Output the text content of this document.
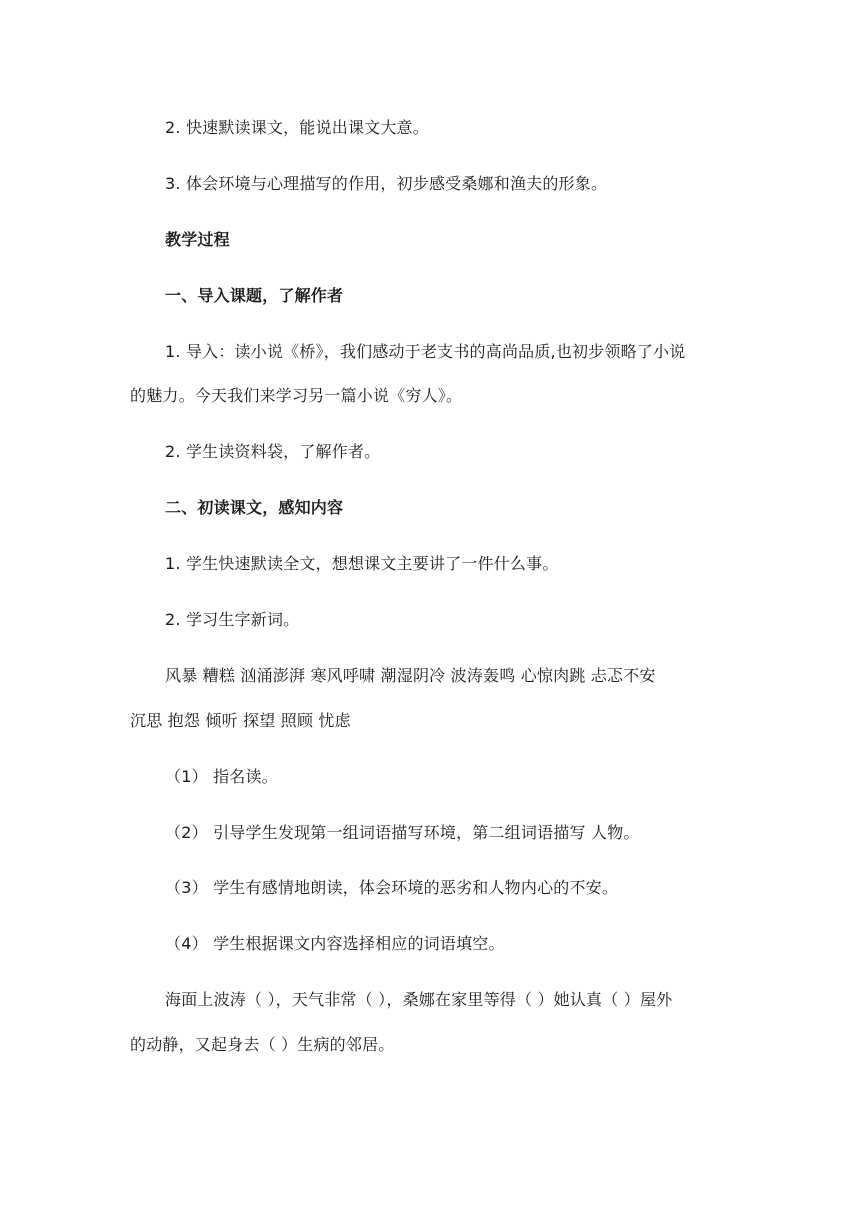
2. 快速默读课文，能说出课文大意。
3. 体会环境与心理描写的作用，初步感受桑娜和渔夫的形象。
教学过程
一、导入课题，了解作者
1. 导入：读小说《桥》，我们感动于老支书的高尚品质,也初步领略了小说
的魅力。今天我们来学习另一篇小说《穷人》。
2. 学生读资料袋，了解作者。
二、初读课文，感知内容
1. 学生快速默读全文，想想课文主要讲了一件什么事。
2. 学习生字新词。
风暴 糟糕 汹涌澎湃 寒风呼啸 潮湿阴冷 波涛轰鸣 心惊肉跳 忐忑不安
沉思 抱怨 倾听 探望 照顾 忧虑
（1） 指名读。
（2） 引导学生发现第一组词语描写环境，第二组词语描写 人物。
（3） 学生有感情地朗读，体会环境的恶劣和人物内心的不安。
（4） 学生根据课文内容选择相应的词语填空。
海面上波涛（ ），天气非常（ ），桑娜在家里等得（ ）她认真（ ）屋外
的动静，又起身去（ ）生病的邻居。
